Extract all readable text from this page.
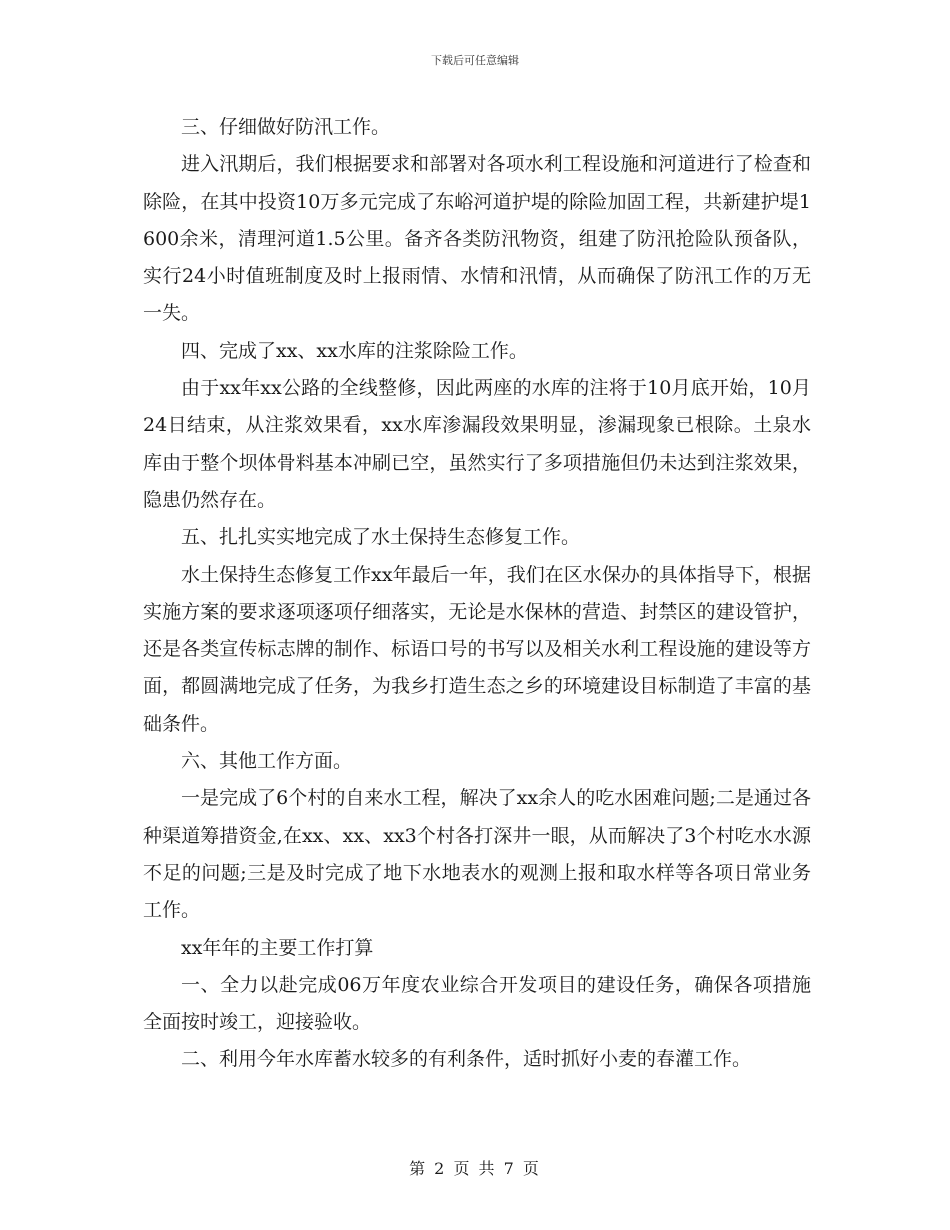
下载后可任意编辑

三、仔细做好防汛工作。

进入汛期后，我们根据要求和部署对各项水利工程设施和河道进行了检查和除险，在其中投资10万多元完成了东峪河道护堤的除险加固工程，共新建护堤1600余米，清理河道1.5公里。备齐各类防汛物资，组建了防汛抢险队预备队，实行24小时值班制度及时上报雨情、水情和汛情，从而确保了防汛工作的万无一失。

四、完成了xx、xx水库的注浆除险工作。

由于xx年xx公路的全线整修，因此两座的水库的注将于10月底开始，10月24日结束，从注浆效果看，xx水库渗漏段效果明显，渗漏现象已根除。土泉水库由于整个坝体骨料基本冲刷已空，虽然实行了多项措施但仍未达到注浆效果，隐患仍然存在。

五、扎扎实实地完成了水土保持生态修复工作。

水土保持生态修复工作xx年最后一年，我们在区水保办的具体指导下，根据实施方案的要求逐项逐项仔细落实，无论是水保林的营造、封禁区的建设管护，还是各类宣传标志牌的制作、标语口号的书写以及相关水利工程设施的建设等方面，都圆满地完成了任务，为我乡打造生态之乡的环境建设目标制造了丰富的基础条件。

六、其他工作方面。

一是完成了6个村的自来水工程，解决了xx余人的吃水困难问题;二是通过各种渠道筹措资金,在xx、xx、xx3个村各打深井一眼，从而解决了3个村吃水水源不足的问题;三是及时完成了地下水地表水的观测上报和取水样等各项日常业务工作。

xx年年的主要工作打算

一、全力以赴完成06万年度农业综合开发项目的建设任务，确保各项措施全面按时竣工，迎接验收。

二、利用今年水库蓄水较多的有利条件，适时抓好小麦的春灌工作。

第 2 页 共 7 页
